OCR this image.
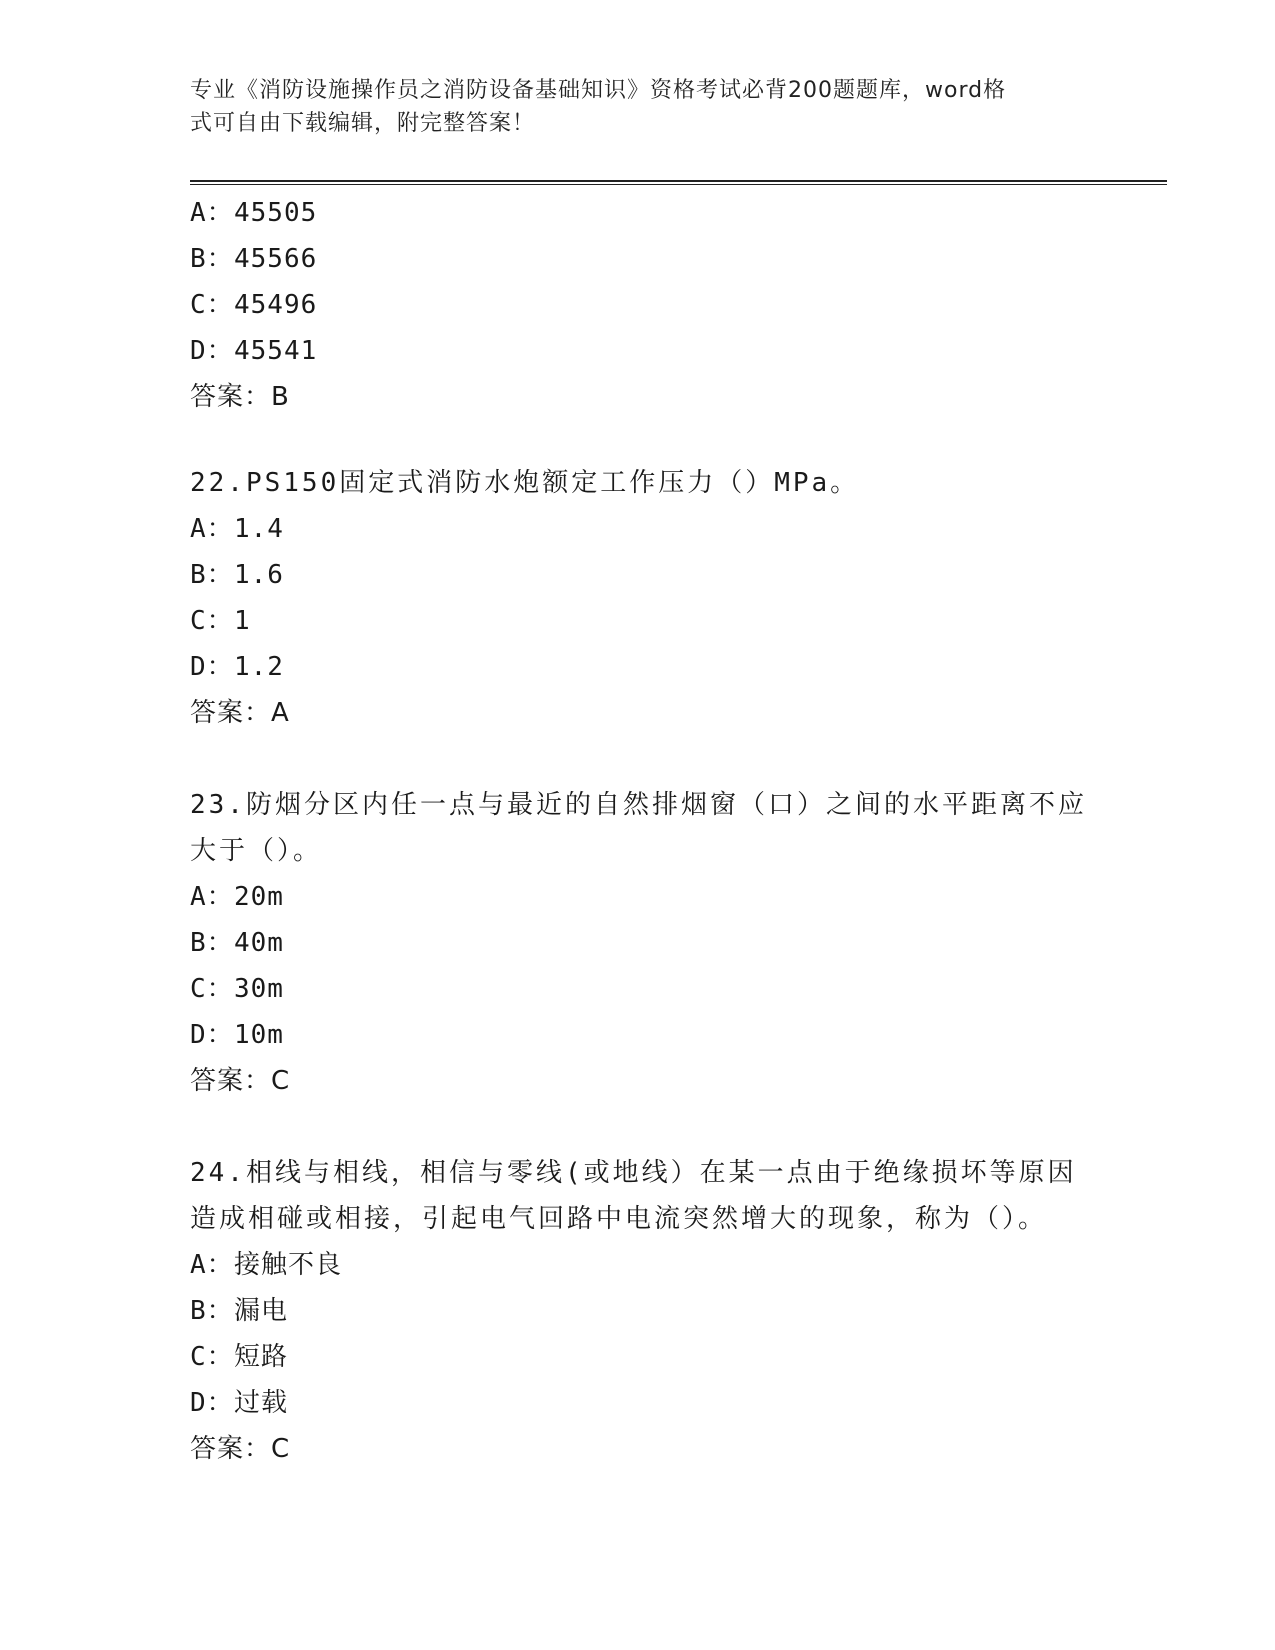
专业《消防设施操作员之消防设备基础知识》资格考试必背200题题库，word格
式可自由下载编辑，附完整答案！
A：45505
B：45566
C：45496
D：45541
答案：B
22.PS150固定式消防水炮额定工作压力（）MPa。
A：1.4
B：1.6
C：1
D：1.2
答案：A
23.防烟分区内任一点与最近的自然排烟窗（口）之间的水平距离不应
大于（）。
A：20m
B：40m
C：30m
D：10m
答案：C
24.相线与相线，相信与零线(或地线）在某一点由于绝缘损坏等原因
造成相碰或相接，引起电气回路中电流突然增大的现象，称为（）。
A：接触不良
B：漏电
C：短路
D：过载
答案：C
